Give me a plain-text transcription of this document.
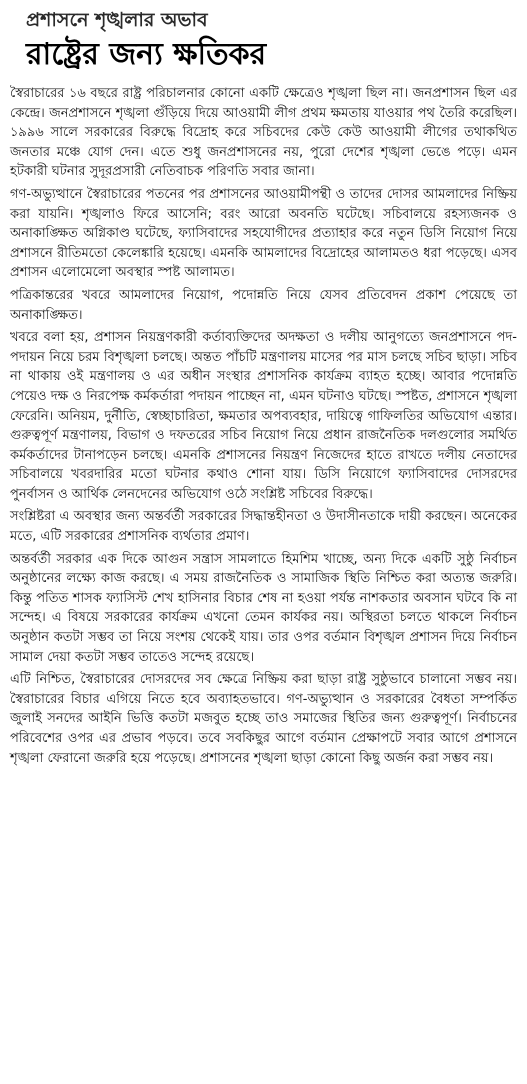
প্রশাসনে শৃঙ্খলার অভাব
রাষ্ট্রের জন্য ক্ষতিকর

স্বৈরাচারের ১৬ বছরে রাষ্ট্র পরিচালনার কোনো একটি ক্ষেত্রেও শৃঙ্খলা ছিল না। জনপ্রশাসন ছিল এর কেন্দ্রে। জনপ্রশাসনে শৃঙ্খলা গুঁড়িয়ে দিয়ে আওয়ামী লীগ প্রথম ক্ষমতায় যাওয়ার পথ তৈরি করেছিল। ১৯৯৬ সালে সরকারের বিরুদ্ধে বিদ্রোহ করে সচিবদের কেউ কেউ আওয়ামী লীগের তথাকথিত জনতার মঞ্চে যোগ দেন। এতে শুধু জনপ্রশাসনের নয়, পুরো দেশের শৃঙ্খলা ভেঙে পড়ে। এমন হটকারী ঘটনার সুদূরপ্রসারী নেতিবাচক পরিণতি সবার জানা।

গণ-অভ্যুত্থানে স্বৈরাচারের পতনের পর প্রশাসনের আওয়ামীপন্থী ও তাদের দোসর আমলাদের নিষ্ক্রিয় করা যায়নি। শৃঙ্খলাও ফিরে আসেনি; বরং আরো অবনতি ঘটেছে। সচিবালয়ে রহস্যজনক ও অনাকাঙ্ক্ষিত অগ্নিকাণ্ড ঘটেছে, ফ্যাসিবাদের সহযোগীদের প্রত্যাহার করে নতুন ডিসি নিয়োগ নিয়ে প্রশাসনে রীতিমতো কেলেঙ্কারি হয়েছে। এমনকি আমলাদের বিদ্রোহের আলামতও ধরা পড়েছে। এসব প্রশাসন এলোমেলো অবস্থার স্পষ্ট আলামত।

পত্রিকান্তরের খবরে আমলাদের নিয়োগ, পদোন্নতি নিয়ে যেসব প্রতিবেদন প্রকাশ পেয়েছে তা অনাকাঙ্ক্ষিত।

খবরে বলা হয়, প্রশাসন নিয়ন্ত্রণকারী কর্তাব্যক্তিদের অদক্ষতা ও দলীয় আনুগত্যে জনপ্রশাসনে পদ-পদায়ন নিয়ে চরম বিশৃঙ্খলা চলছে। অন্তত পাঁচটি মন্ত্রণালয় মাসের পর মাস চলছে সচিব ছাড়া। সচিব না থাকায় ওই মন্ত্রণালয় ও এর অধীন সংস্থার প্রশাসনিক কার্যক্রম ব্যাহত হচ্ছে। আবার পদোন্নতি পেয়েও দক্ষ ও নিরপেক্ষ কর্মকর্তারা পদায়ন পাচ্ছেন না, এমন ঘটনাও ঘটছে। স্পষ্টত, প্রশাসনে শৃঙ্খলা ফেরেনি। অনিয়ম, দুর্নীতি, স্বেচ্ছাচারিতা, ক্ষমতার অপব্যবহার, দায়িত্বে গাফিলতির অভিযোগ এন্তার। গুরুত্বপূর্ণ মন্ত্রণালয়, বিভাগ ও দফতরের সচিব নিয়োগ নিয়ে প্রধান রাজনৈতিক দলগুলোর সমর্থিত কর্মকর্তাদের টানাপড়েন চলছে। এমনকি প্রশাসনের নিয়ন্ত্রণ নিজেদের হাতে রাখতে দলীয় নেতাদের সচিবালয়ে খবরদারির মতো ঘটনার কথাও শোনা যায়। ডিসি নিয়োগে ফ্যাসিবাদের দোসরদের পুনর্বাসন ও আর্থিক লেনদেনের অভিযোগ ওঠে সংশ্লিষ্ট সচিবের বিরুদ্ধে।

সংশ্লিষ্টরা এ অবস্থার জন্য অন্তর্বর্তী সরকারের সিদ্ধান্তহীনতা ও উদাসীনতাকে দায়ী করছেন। অনেকের মতে, এটি সরকারের প্রশাসনিক ব্যর্থতার প্রমাণ।

অন্তর্বর্তী সরকার এক দিকে আগুন সন্ত্রাস সামলাতে হিমশিম খাচ্ছে, অন্য দিকে একটি সুষ্ঠু নির্বাচন অনুষ্ঠানের লক্ষ্যে কাজ করছে। এ সময় রাজনৈতিক ও সামাজিক স্থিতি নিশ্চিত করা অত্যন্ত জরুরি। কিন্তু পতিত শাসক ফ্যাসিস্ট শেখ হাসিনার বিচার শেষ না হওয়া পর্যন্ত নাশকতার অবসান ঘটবে কি না সন্দেহ। এ বিষয়ে সরকারের কার্যক্রম এখনো তেমন কার্যকর নয়। অস্থিরতা চলতে থাকলে নির্বাচন অনুষ্ঠান কতটা সম্ভব তা নিয়ে সংশয় থেকেই যায়। তার ওপর বর্তমান বিশৃঙ্খল প্রশাসন দিয়ে নির্বাচন সামাল দেয়া কতটা সম্ভব তাতেও সন্দেহ রয়েছে।

এটি নিশ্চিত, স্বৈরাচারের দোসরদের সব ক্ষেত্রে নিষ্ক্রিয় করা ছাড়া রাষ্ট্র সুষ্ঠুভাবে চালানো সম্ভব নয়। স্বৈরাচারের বিচার এগিয়ে নিতে হবে অব্যাহতভাবে। গণ-অভ্যুত্থান ও সরকারের বৈধতা সম্পর্কিত জুলাই সনদের আইনি ভিত্তি কতটা মজবুত হচ্ছে তাও সমাজের স্থিতির জন্য গুরুত্বপূর্ণ। নির্বাচনের পরিবেশের ওপর এর প্রভাব পড়বে। তবে সবকিছুর আগে বর্তমান প্রেক্ষাপটে সবার আগে প্রশাসনে শৃঙ্খলা ফেরানো জরুরি হয়ে পড়েছে। প্রশাসনের শৃঙ্খলা ছাড়া কোনো কিছু অর্জন করা সম্ভব নয়।
